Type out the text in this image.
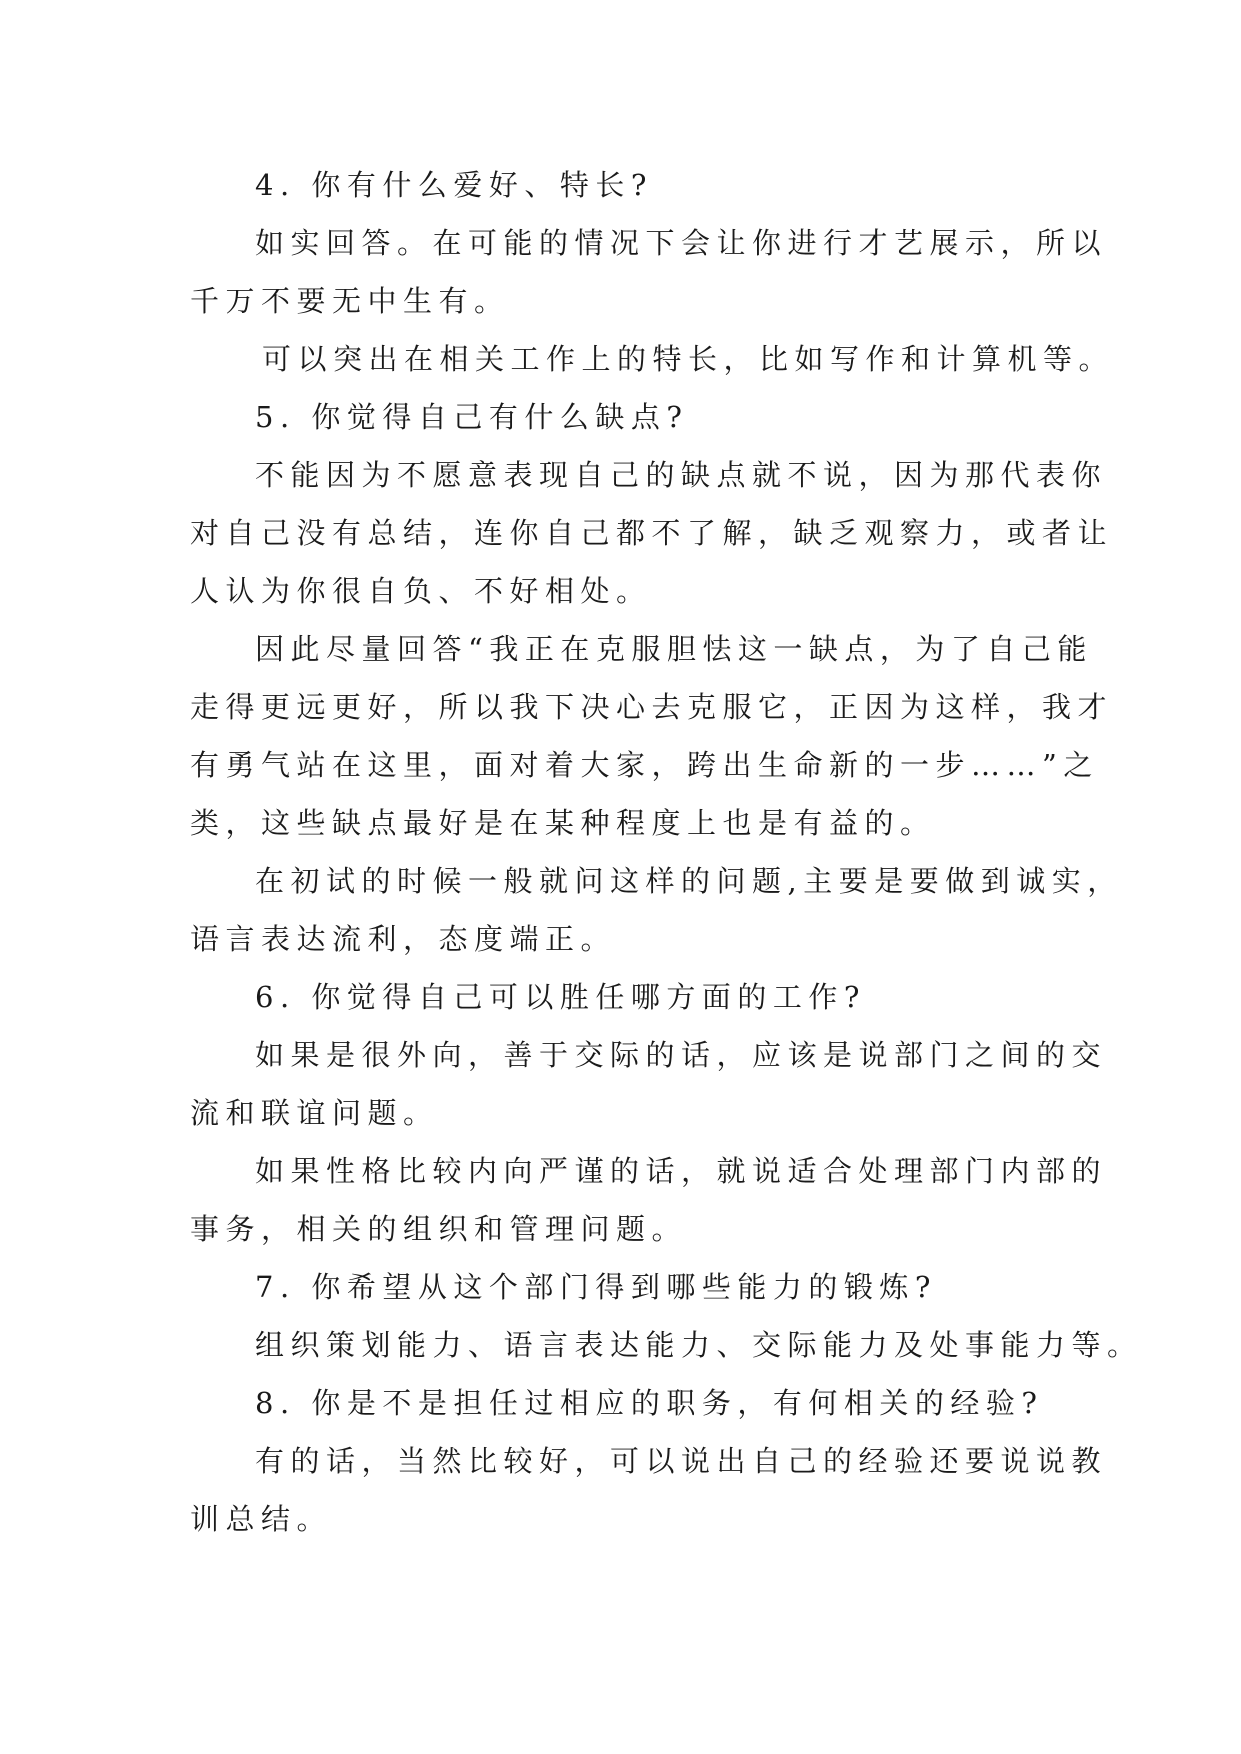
4. 你有什么爱好、特长?
如实回答。在可能的情况下会让你进行才艺展示，所以
千万不要无中生有。
可以突出在相关工作上的特长，比如写作和计算机等。
5. 你觉得自己有什么缺点?
不能因为不愿意表现自己的缺点就不说，因为那代表你
对自己没有总结，连你自己都不了解，缺乏观察力，或者让
人认为你很自负、不好相处。
因此尽量回答“我正在克服胆怯这一缺点，为了自己能
走得更远更好，所以我下决心去克服它，正因为这样，我才
有勇气站在这里，面对着大家，跨出生命新的一步……”之
类，这些缺点最好是在某种程度上也是有益的。
在初试的时候一般就问这样的问题,主要是要做到诚实，
语言表达流利，态度端正。
6. 你觉得自己可以胜任哪方面的工作?
如果是很外向，善于交际的话，应该是说部门之间的交
流和联谊问题。
如果性格比较内向严谨的话，就说适合处理部门内部的
事务，相关的组织和管理问题。
7. 你希望从这个部门得到哪些能力的锻炼?
组织策划能力、语言表达能力、交际能力及处事能力等。
8. 你是不是担任过相应的职务，有何相关的经验?
有的话，当然比较好，可以说出自己的经验还要说说教
训总结。
